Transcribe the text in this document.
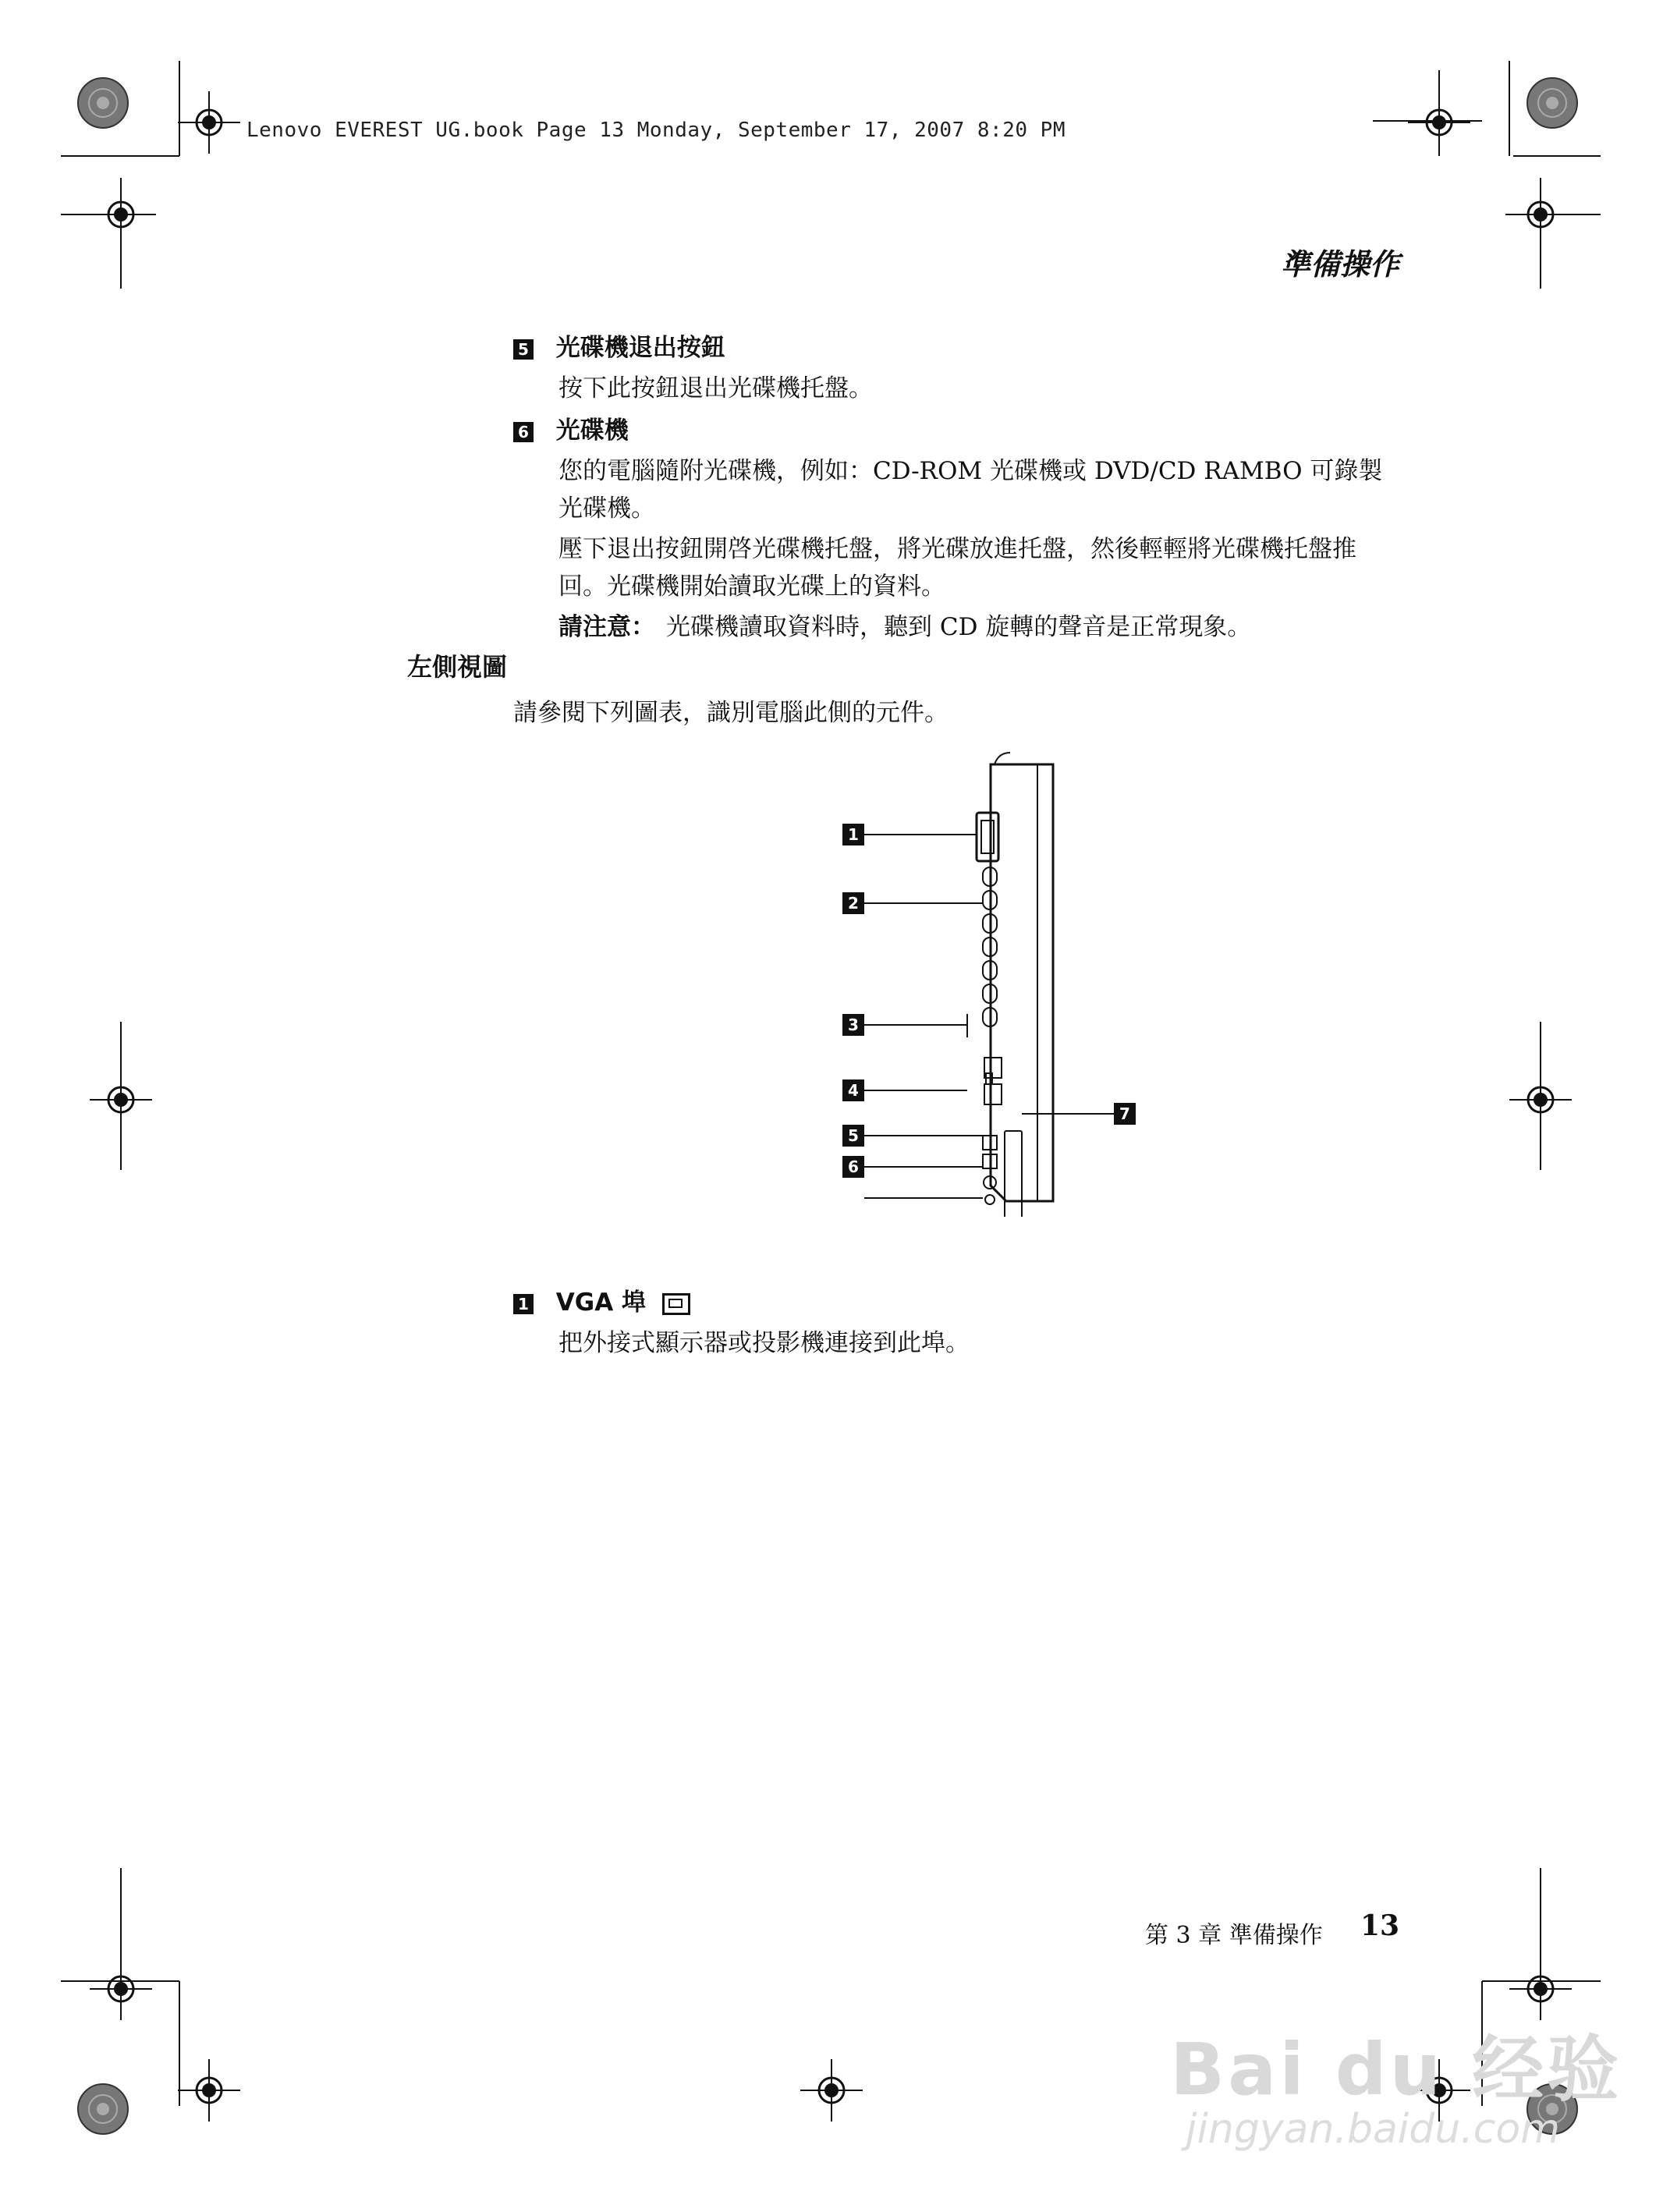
Lenovo EVEREST UG.book Page 13 Monday, September 17, 2007 8:20 PM
準備操作
5 光碟機退出按鈕
按下此按鈕退出光碟機托盤。
6 光碟機
您的電腦隨附光碟機，例如：CD-ROM 光碟機或 DVD/CD RAMBO 可錄製光碟機。
壓下退出按鈕開啓光碟機托盤，將光碟放進托盤，然後輕輕將光碟機托盤推回。光碟機開始讀取光碟上的資料。
請注意： 光碟機讀取資料時，聽到 CD 旋轉的聲音是正常現象。
左側視圖
請參閱下列圖表，識別電腦此側的元件。
1
2
3
4
5
6
7
1 VGA 埠
把外接式顯示器或投影機連接到此埠。
第 3 章 準備操作 13
Bai du 经验
jingyan.baidu.com
